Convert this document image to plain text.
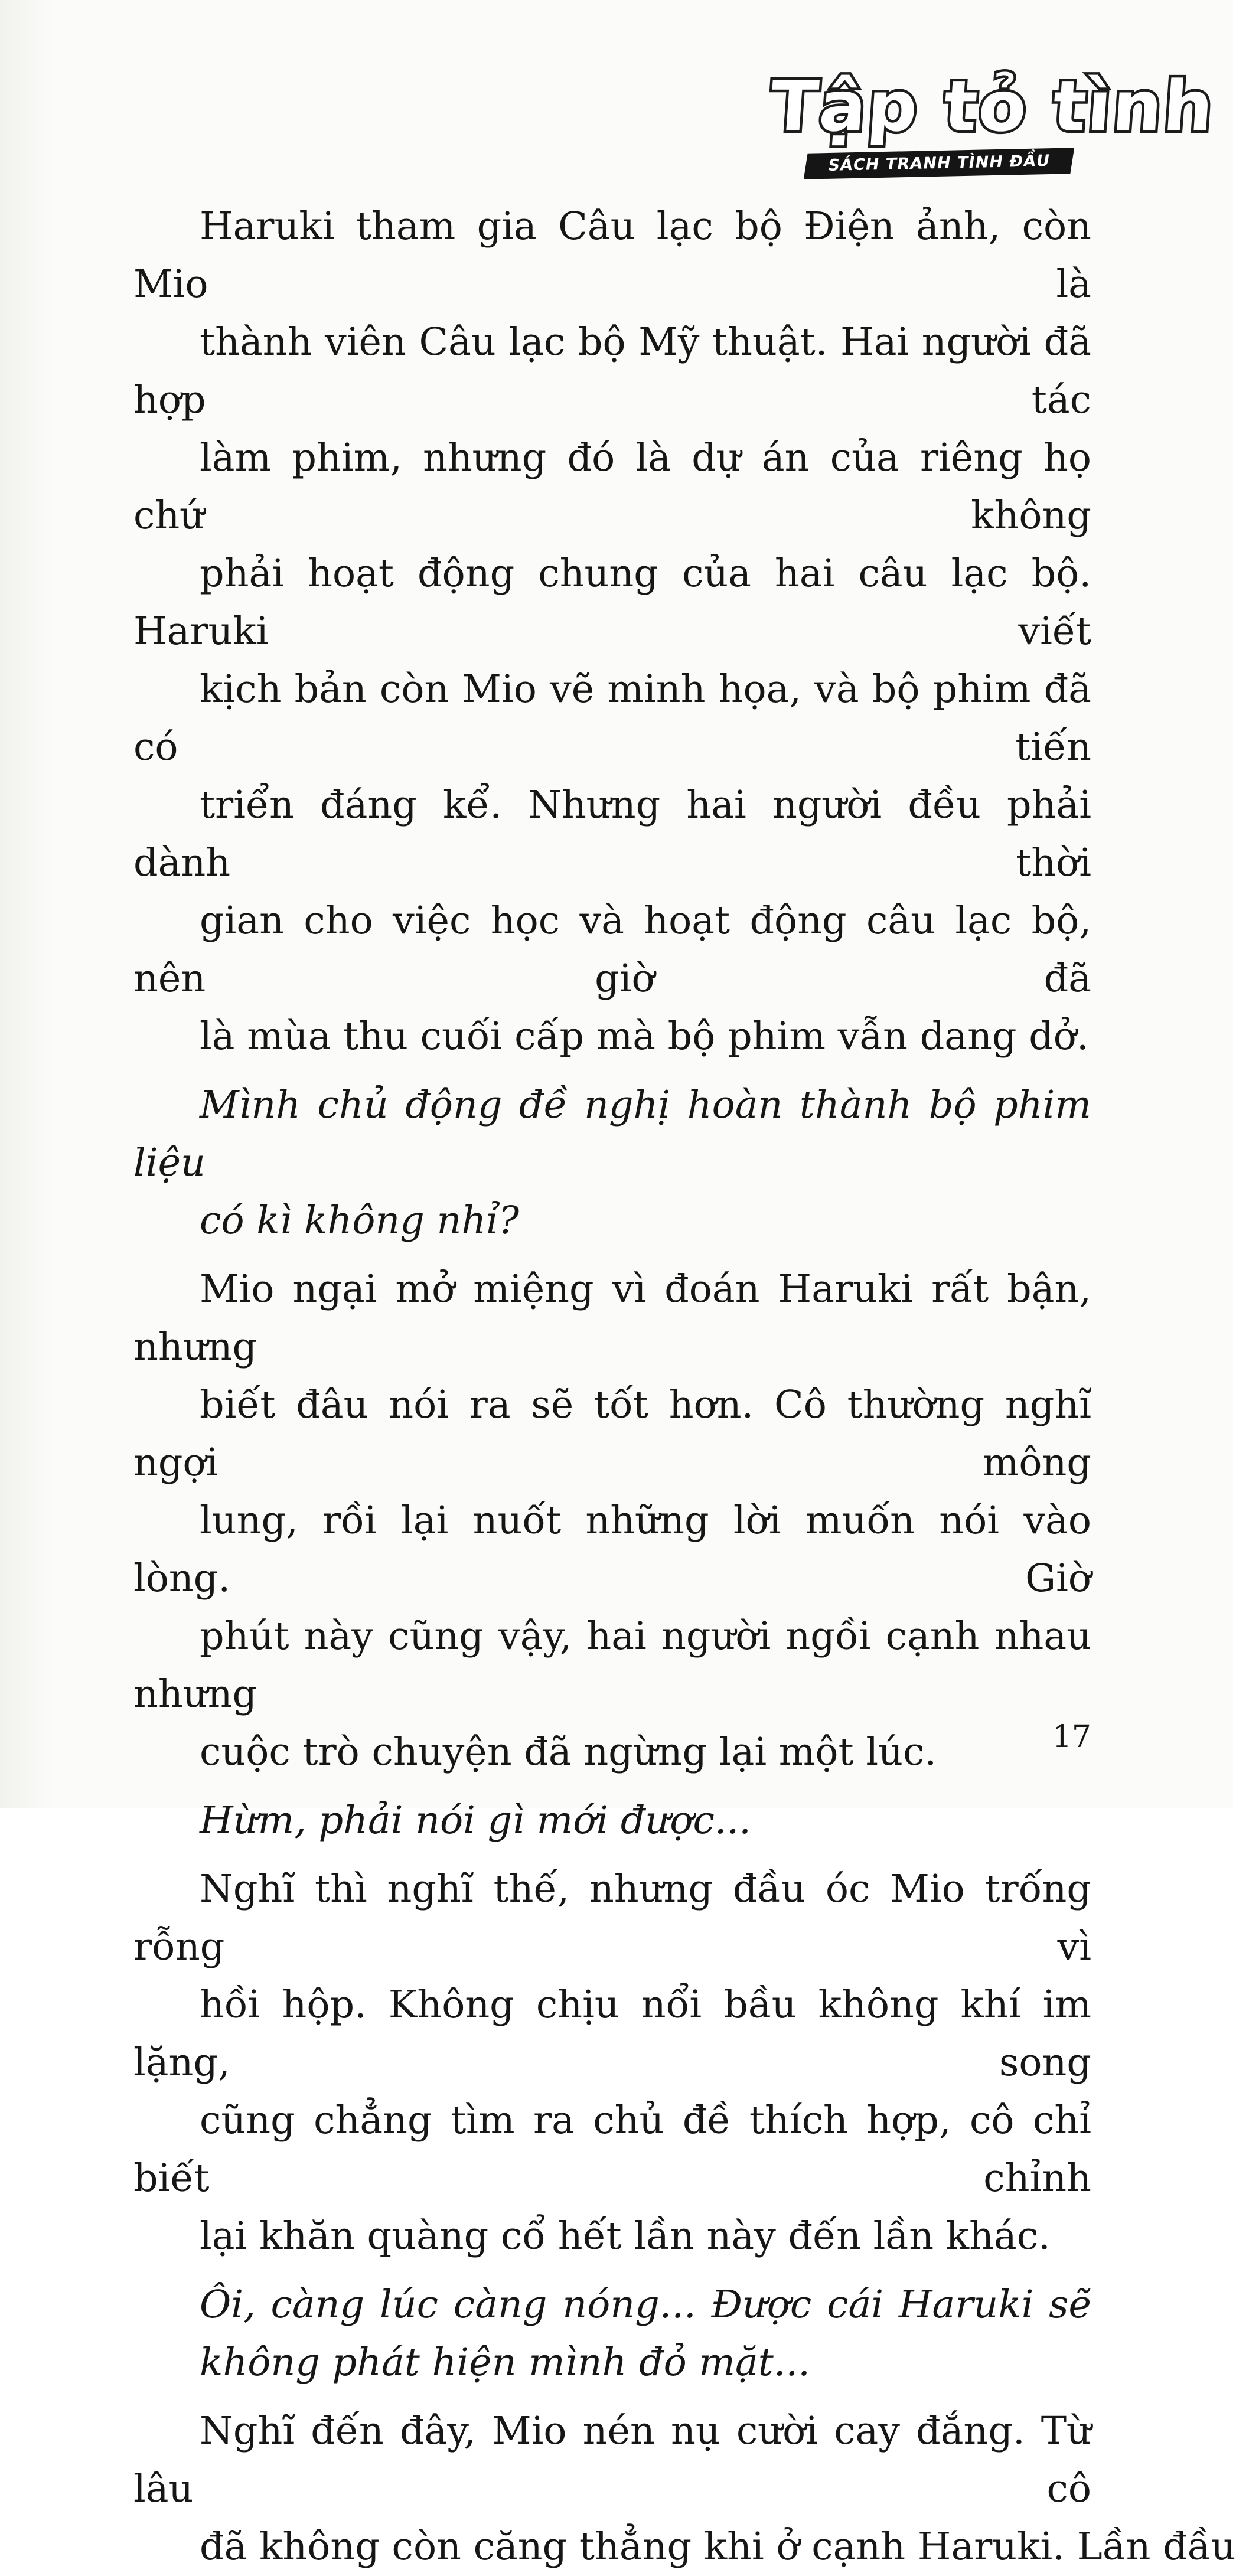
Tập tỏ tình
SÁCH TRANH TÌNH ĐẦU
Haruki tham gia Câu lạc bộ Điện ảnh, còn Mio là
thành viên Câu lạc bộ Mỹ thuật. Hai người đã hợp tác
làm phim, nhưng đó là dự án của riêng họ chứ không
phải hoạt động chung của hai câu lạc bộ. Haruki viết
kịch bản còn Mio vẽ minh họa, và bộ phim đã có tiến
triển đáng kể. Nhưng hai người đều phải dành thời
gian cho việc học và hoạt động câu lạc bộ, nên giờ đã
là mùa thu cuối cấp mà bộ phim vẫn dang dở.
Mình chủ động đề nghị hoàn thành bộ phim liệu
có kì không nhỉ?
Mio ngại mở miệng vì đoán Haruki rất bận, nhưng
biết đâu nói ra sẽ tốt hơn. Cô thường nghĩ ngợi mông
lung, rồi lại nuốt những lời muốn nói vào lòng. Giờ
phút này cũng vậy, hai người ngồi cạnh nhau nhưng
cuộc trò chuyện đã ngừng lại một lúc.
Hừm, phải nói gì mới được...
Nghĩ thì nghĩ thế, nhưng đầu óc Mio trống rỗng vì
hồi hộp. Không chịu nổi bầu không khí im lặng, song
cũng chẳng tìm ra chủ đề thích hợp, cô chỉ biết chỉnh
lại khăn quàng cổ hết lần này đến lần khác.
Ôi, càng lúc càng nóng... Được cái Haruki sẽ
không phát hiện mình đỏ mặt...
Nghĩ đến đây, Mio nén nụ cười cay đắng. Từ lâu cô
đã không còn căng thẳng khi ở cạnh Haruki. Lần đầu
17
